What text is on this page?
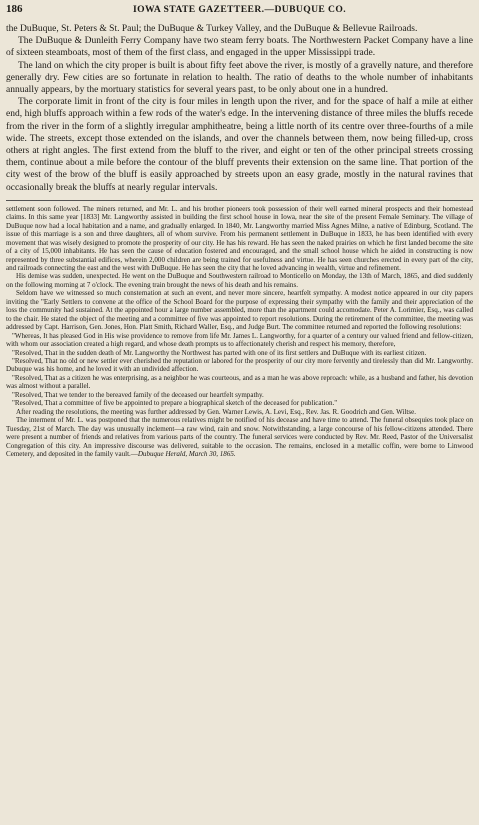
186	IOWA STATE GAZETTEER.—DUBUQUE CO.

the DuBuque, St. Peters & St. Paul; the DuBuque & Turkey Valley, and the DuBuque & Bellevue Railroads.

The DuBuque & Dunleith Ferry Company have two steam ferry boats. The Northwestern Packet Company have a line of sixteen steamboats, most of them of the first class, and engaged in the upper Mississippi trade.

The land on which the city proper is built is about fifty feet above the river, is mostly of a gravelly nature, and therefore generally dry. Few cities are so fortunate in relation to health. The ratio of deaths to the whole number of inhabitants annually appears, by the mortuary statistics for several years past, to be only about one in a hundred.

The corporate limit in front of the city is four miles in length upon the river, and for the space of half a mile at either end, high bluffs approach within a few rods of the water's edge. In the intervening distance of three miles the bluffs recede from the river in the form of a slightly irregular amphitheatre, being a little north of its centre over three-fourths of a mile wide. The streets, except those extended on the islands, and over the channels between them, now being filled-up, cross others at right angles. The first extend from the bluff to the river, and eight or ten of the other principal streets crossing them, continue about a mile before the contour of the bluff prevents their extension on the same line. That portion of the city west of the brow of the bluff is easily approached by streets upon an easy grade, mostly in the natural ravines that occasionally break the bluffs at nearly regular intervals.

settlement soon followed. The miners returned, and Mr. L. and his brother pioneers took possession of their well earned mineral prospects and their homestead claims. In this same year [1833] Mr. Langworthy assisted in building the first school house in Iowa, near the site of the present Female Seminary. The village of DuBuque now had a local habitation and a name, and gradually enlarged. In 1840, Mr. Langworthy married Miss Agnes Milne, a native of Edinburg, Scotland. The issue of this marriage is a son and three daughters, all of whom survive. From his permanent settlement in DuBuque in 1833, he has been identified with every movement that was wisely designed to promote the prosperity of our city. He has his reward. He has seen the naked prairies on which he first landed become the site of a city of 15,000 inhabitants. He has seen the cause of education fostered and encouraged, and the small school house which he aided in constructing is now represented by three substantial edifices, wherein 2,000 children are being trained for usefulness and virtue. He has seen churches erected in every part of the city, and railroads connecting the east and the west with DuBuque. He has seen the city that he loved advancing in wealth, virtue and refinement.

His demise was sudden, unexpected. He went on the DuBuque and Southwestern railroad to Monticello on Monday, the 13th of March, 1865, and died suddenly on the following morning at 7 o'clock. The evening train brought the news of his death and his remains.

Seldom have we witnessed so much consternation at such an event, and never more sincere, heartfelt sympathy. A modest notice appeared in our city papers inviting the "Early Settlers to convene at the office of the School Board for the purpose of expressing their sympathy with the family and their appreciation of the loss the community had sustained. At the appointed hour a large number assembled, more than the apartment could accomodate. Peter A. Lorimier, Esq., was called to the chair. He stated the object of the meeting and a committee of five was appointed to report resolutions. During the retirement of the committee, the meeting was addressed by Capt. Harrison, Gen. Jones, Hon. Platt Smith, Richard Waller, Esq., and Judge Burt. The committee returned and reported the following resolutions:

"Whereas, It has pleased God in His wise providence to remove from life Mr. James L. Langworthy, for a quarter of a century our valued friend and fellow-citizen, with whom our association created a high regard, and whose death prompts us to affectionately cherish and respect his memory, therefore,

"Resolved, That in the sudden death of Mr. Langworthy the Northwest has parted with one of its first settlers and DuBuque with its earliest citizen.

"Resolved, That no old or new settler ever cherished the reputation or labored for the prosperity of our city more fervently and tirelessly than did Mr. Langworthy. Dubuque was his home, and he loved it with an undivided affection.

"Resolved, That as a citizen he was enterprising, as a neighbor he was courteous, and as a man he was above reproach: while, as a husband and father, his devotion was almost without a parallel.

"Resolved, That we tender to the bereaved family of the deceased our heartfelt sympathy.

"Resolved, That a committee of five be appointed to prepare a biographical sketch of the deceased for publication."

After reading the resolutions, the meeting was further addressed by Gen. Warner Lewis, A. Levi, Esq., Rev. Jas. R. Goodrich and Gen. Wiltse.

The interment of Mr. L. was postponed that the numerous relatives might be notified of his decease and have time to attend. The funeral obsequies took place on Tuesday, 21st of March. The day was unusually inclement—a raw wind, rain and snow. Notwithstanding, a large concourse of his fellow-citizens attended. There were present a number of friends and relatives from various parts of the country. The funeral services were conducted by Rev. Mr. Reed, Pastor of the Universalist Congregation of this city. An impressive discourse was delivered, suitable to the occasion. The remains, enclosed in a metallic coffin, were borne to Linwood Cemetery, and deposited in the family vault.—Dubuque Herald, March 30, 1865.
